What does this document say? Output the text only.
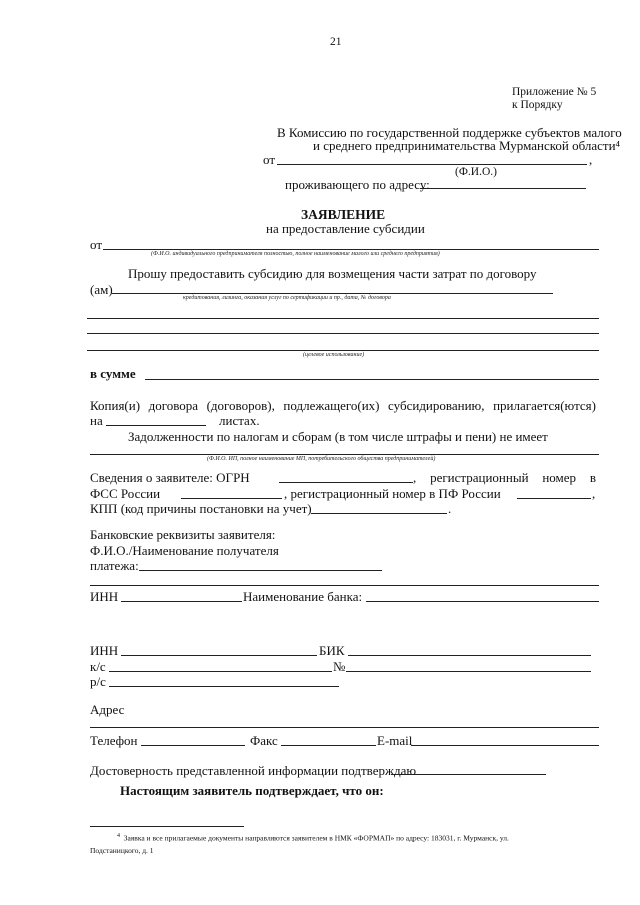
21
Приложение № 5
к Порядку
В Комиссию по государственной поддержке субъектов малого
и среднего предпринимательства Мурманской области⁴
от	,
(Ф.И.О.)
проживающего по адресу:
ЗАЯВЛЕНИЕ
на предоставление субсидии
от
(Ф.И.О. индивидуального предпринимателя полностью, полное наименование малого или среднего предприятия)
Прошу предоставить субсидию для возмещения части затрат по договору
(ам)
кредитования, лизинга, оказания услуг по сертификации и пр., дата, № договора
(целевое использование)
в сумме
Копия(и) договора (договоров), подлежащего(их) субсидированию, прилагается(ются)
на	листах.
Задолженности по налогам и сборам (в том числе штрафы и пени) не имеет
(Ф.И.О. ИП, полное наименование МП, потребительского общества предпринимателей)
Сведения о заявителе: ОГРН	, регистрационный номер в
ФСС России	, регистрационный номер в ПФ России	,
КПП (код причины постановки на учет)	.
Банковские реквизиты заявителя:
Ф.И.О./Наименование получателя
платежа:
ИНН	Наименование банка:
ИНН	БИК
к/с	№
р/с
Адрес
Телефон	Факс	E-mail
Достоверность представленной информации подтверждаю
Настоящим заявитель подтверждает, что он:
$^4$ Заявка и все прилагаемые документы направляются заявителем в НМК «ФОРМАП» по адресу: 183031, г. Мурманск, ул.
Подстаницкого, д. 1
